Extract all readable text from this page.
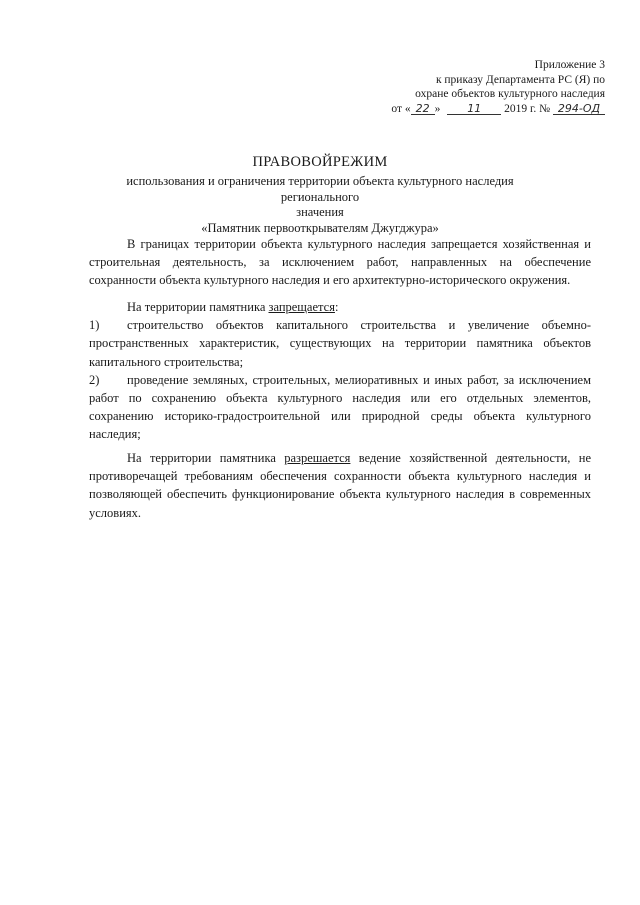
Приложение 3
к приказу Департамента РС (Я) по
охране объектов культурного наследия
от « 22 » 11 2019 г. № 294-ОД
ПРАВОВОЙРЕЖИМ
использования и ограничения территории объекта культурного наследия регионального
значения
«Памятник первооткрывателям Джугджура»
В границах территории объекта культурного наследия запрещается хозяйственная и строительная деятельность, за исключением работ, направленных на обеспечение сохранности объекта культурного наследия и его архитектурно-исторического окружения.
На территории памятника запрещается:
1) строительство объектов капитального строительства и увеличение объемно-пространственных характеристик, существующих на территории памятника объектов капитального строительства;
2) проведение земляных, строительных, мелиоративных и иных работ, за исключением работ по сохранению объекта культурного наследия или его отдельных элементов, сохранению историко-градостроительной или природной среды объекта культурного наследия;
На территории памятника разрешается ведение хозяйственной деятельности, не противоречащей требованиям обеспечения сохранности объекта культурного наследия и позволяющей обеспечить функционирование объекта культурного наследия в современных условиях.
